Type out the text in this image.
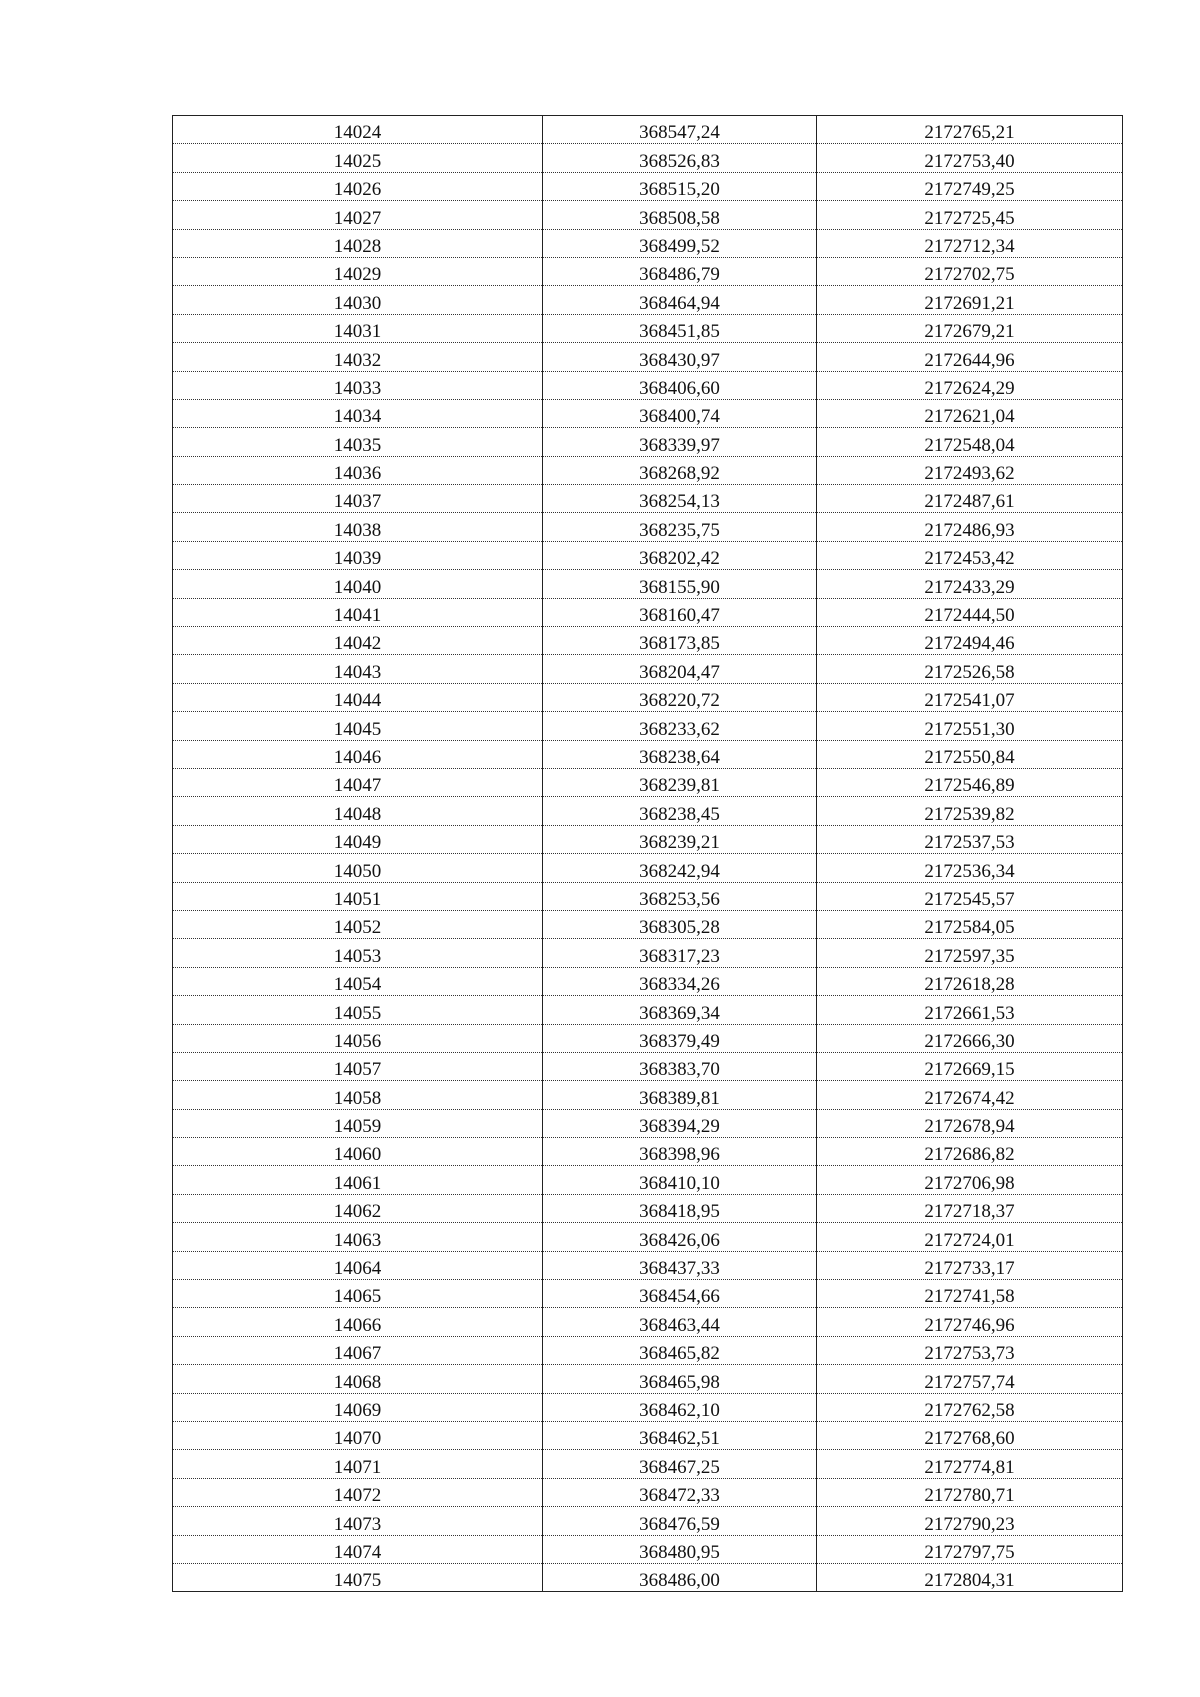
14024	368547,24	2172765,21
14025	368526,83	2172753,40
14026	368515,20	2172749,25
14027	368508,58	2172725,45
14028	368499,52	2172712,34
14029	368486,79	2172702,75
14030	368464,94	2172691,21
14031	368451,85	2172679,21
14032	368430,97	2172644,96
14033	368406,60	2172624,29
14034	368400,74	2172621,04
14035	368339,97	2172548,04
14036	368268,92	2172493,62
14037	368254,13	2172487,61
14038	368235,75	2172486,93
14039	368202,42	2172453,42
14040	368155,90	2172433,29
14041	368160,47	2172444,50
14042	368173,85	2172494,46
14043	368204,47	2172526,58
14044	368220,72	2172541,07
14045	368233,62	2172551,30
14046	368238,64	2172550,84
14047	368239,81	2172546,89
14048	368238,45	2172539,82
14049	368239,21	2172537,53
14050	368242,94	2172536,34
14051	368253,56	2172545,57
14052	368305,28	2172584,05
14053	368317,23	2172597,35
14054	368334,26	2172618,28
14055	368369,34	2172661,53
14056	368379,49	2172666,30
14057	368383,70	2172669,15
14058	368389,81	2172674,42
14059	368394,29	2172678,94
14060	368398,96	2172686,82
14061	368410,10	2172706,98
14062	368418,95	2172718,37
14063	368426,06	2172724,01
14064	368437,33	2172733,17
14065	368454,66	2172741,58
14066	368463,44	2172746,96
14067	368465,82	2172753,73
14068	368465,98	2172757,74
14069	368462,10	2172762,58
14070	368462,51	2172768,60
14071	368467,25	2172774,81
14072	368472,33	2172780,71
14073	368476,59	2172790,23
14074	368480,95	2172797,75
14075	368486,00	2172804,31
